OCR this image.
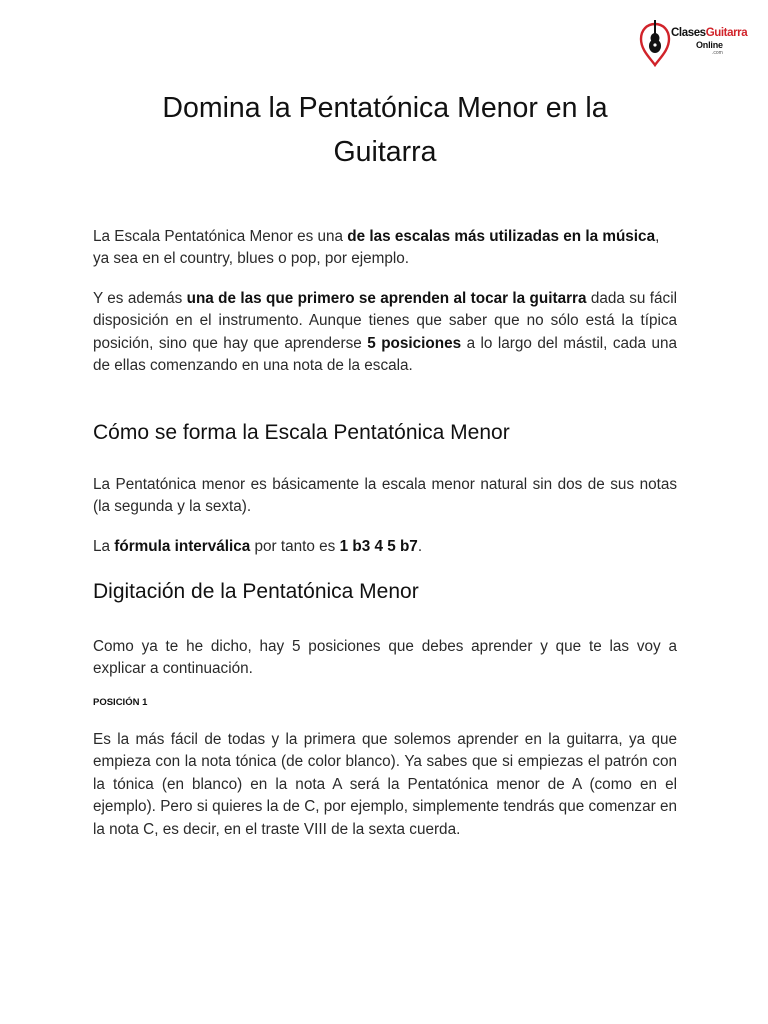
ClasesGuitarra
Online
.com
Domina la Pentatónica Menor en la
Guitarra

La Escala Pentatónica Menor es una de las escalas más utilizadas en la música, ya sea en el country, blues o pop, por ejemplo.

Y es además una de las que primero se aprenden al tocar la guitarra dada su fácil disposición en el instrumento. Aunque tienes que saber que no sólo está la típica posición, sino que hay que aprenderse 5 posiciones a lo largo del mástil, cada una de ellas comenzando en una nota de la escala.

Cómo se forma la Escala Pentatónica Menor

La Pentatónica menor es básicamente la escala menor natural sin dos de sus notas (la segunda y la sexta).

La fórmula interválica por tanto es 1 b3 4 5 b7.

Digitación de la Pentatónica Menor

Como ya te he dicho, hay 5 posiciones que debes aprender y que te las voy a explicar a continuación.

POSICIÓN 1

Es la más fácil de todas y la primera que solemos aprender en la guitarra, ya que empieza con la nota tónica (de color blanco). Ya sabes que si empiezas el patrón con la tónica (en blanco) en la nota A será la Pentatónica menor de A (como en el ejemplo). Pero si quieres la de C, por ejemplo, simplemente tendrás que comenzar en la nota C, es decir, en el traste VIII de la sexta cuerda.
